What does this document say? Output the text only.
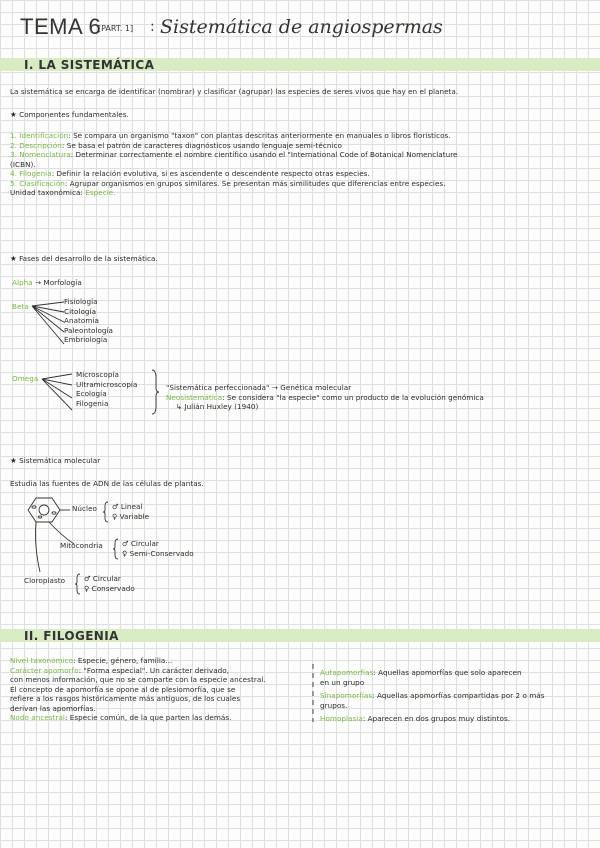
TEMA 6
[PART. 1] : Sistemática de angiospermas
I. LA SISTEMÁTICA
La sistemática se encarga de identificar (nombrar) y clasificar (agrupar) las especies de seres vivos que hay en el planeta.
★ Componentes fundamentales.
1. Identificación: Se compara un organismo "taxon" con plantas descritas anteriormente en manuales o libros florísticos.
2. Descripción: Se basa el patrón de caracteres diagnósticos usando lenguaje semi-técnico
3. Nomenclatura: Determinar correctamente el nombre científico usando el "International Code of Botanical Nomenclature
(ICBN).
4. Filogenia: Definir la relación evolutiva, si es ascendente o descendente respecto otras especies.
5. Clasificación: Agrupar organismos en grupos similares. Se presentan más similitudes que diferencias entre especies.
Unidad taxonómica: Especie.
★ Fases del desarrollo de la sistemática.
Alpha → Morfología
Beta
Fisiología
Citología
Anatomía
Paleontología
Embriología
Omega	Microscopía
Ultramicroscopía
Ecología
Filogenia
"Sistemática perfeccionada" → Genética molecular
Neosistemática: Se considera "la especie" como un producto de la evolución genómica
↳ Julián Huxley (1940)
★ Sistemática molecular
Estudia las fuentes de ADN de las células de plantas.
Núcleo ♂ Lineal
♀ Variable
Mitocondria	♂ Circular
♀ Semi-Conservado
Cloroplasto	♂ Circular
♀ Conservado
II. FILOGENIA
Nivel taxonómico: Especie, género, familia...
Carácter apomorfo: "Forma especial". Un carácter derivado,
con menos información, que no se comparte con la especie ancestral.
El concepto de apomorfía se opone al de plesiomorfía, que se
refiere a los rasgos históricamente más antiguos, de los cuales
derivan las apomorfías.
Nodo ancestral: Especie común, de la que parten las demás.
Autapomorfias: Aquellas apomorfías que solo aparecen
en un grupo
Sinapomorfías: Aquellas apomorfías compartidas por 2 o más
grupos.
Homoplasia: Aparecen en dos grupos muy distintos.
